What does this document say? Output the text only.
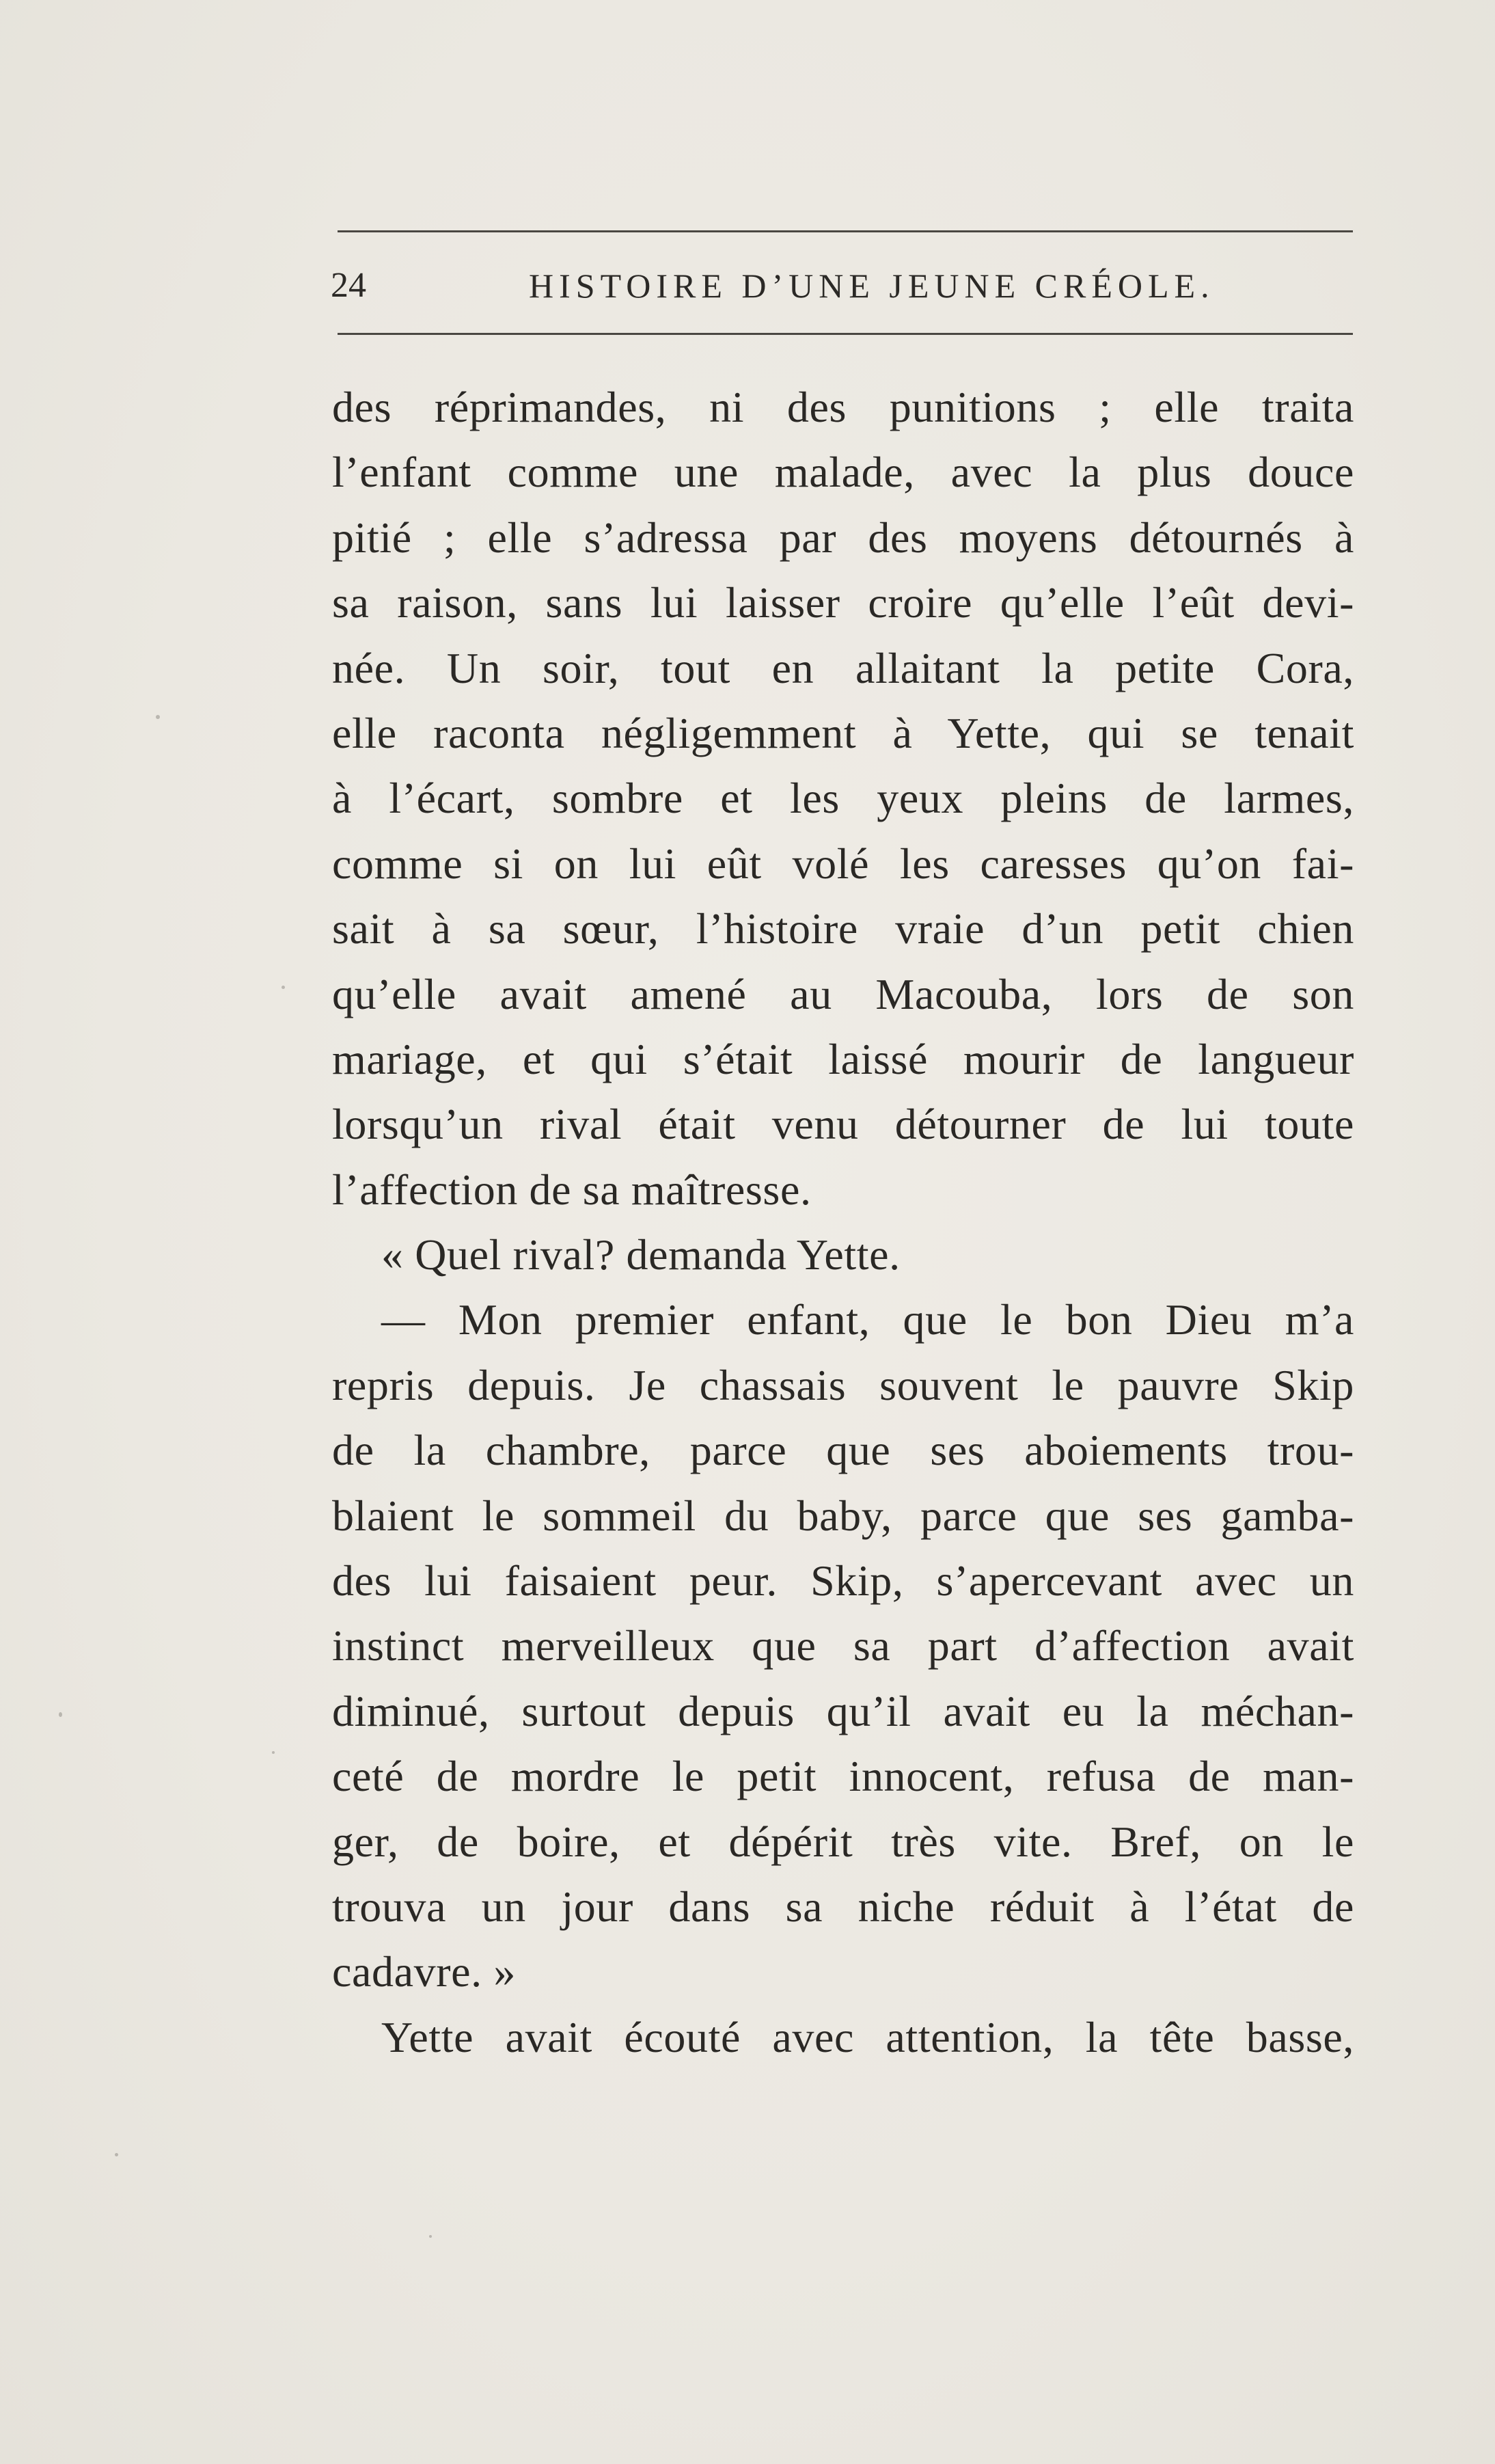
24	HISTOIRE D’UNE JEUNE CRÉOLE.
des réprimandes, ni des punitions ; elle traita
l’enfant comme une malade, avec la plus douce
pitié ; elle s’adressa par des moyens détournés à
sa raison, sans lui laisser croire qu’elle l’eût devi-
née. Un soir, tout en allaitant la petite Cora,
elle raconta négligemment à Yette, qui se tenait
à l’écart, sombre et les yeux pleins de larmes,
comme si on lui eût volé les caresses qu’on fai-
sait à sa sœur, l’histoire vraie d’un petit chien
qu’elle avait amené au Macouba, lors de son
mariage, et qui s’était laissé mourir de langueur
lorsqu’un rival était venu détourner de lui toute
l’affection de sa maîtresse.
« Quel rival? demanda Yette.
— Mon premier enfant, que le bon Dieu m’a
repris depuis. Je chassais souvent le pauvre Skip
de la chambre, parce que ses aboiements trou-
blaient le sommeil du baby, parce que ses gamba-
des lui faisaient peur. Skip, s’apercevant avec un
instinct merveilleux que sa part d’affection avait
diminué, surtout depuis qu’il avait eu la méchan-
ceté de mordre le petit innocent, refusa de man-
ger, de boire, et dépérit très vite. Bref, on le
trouva un jour dans sa niche réduit à l’état de
cadavre. »
Yette avait écouté avec attention, la tête basse,
